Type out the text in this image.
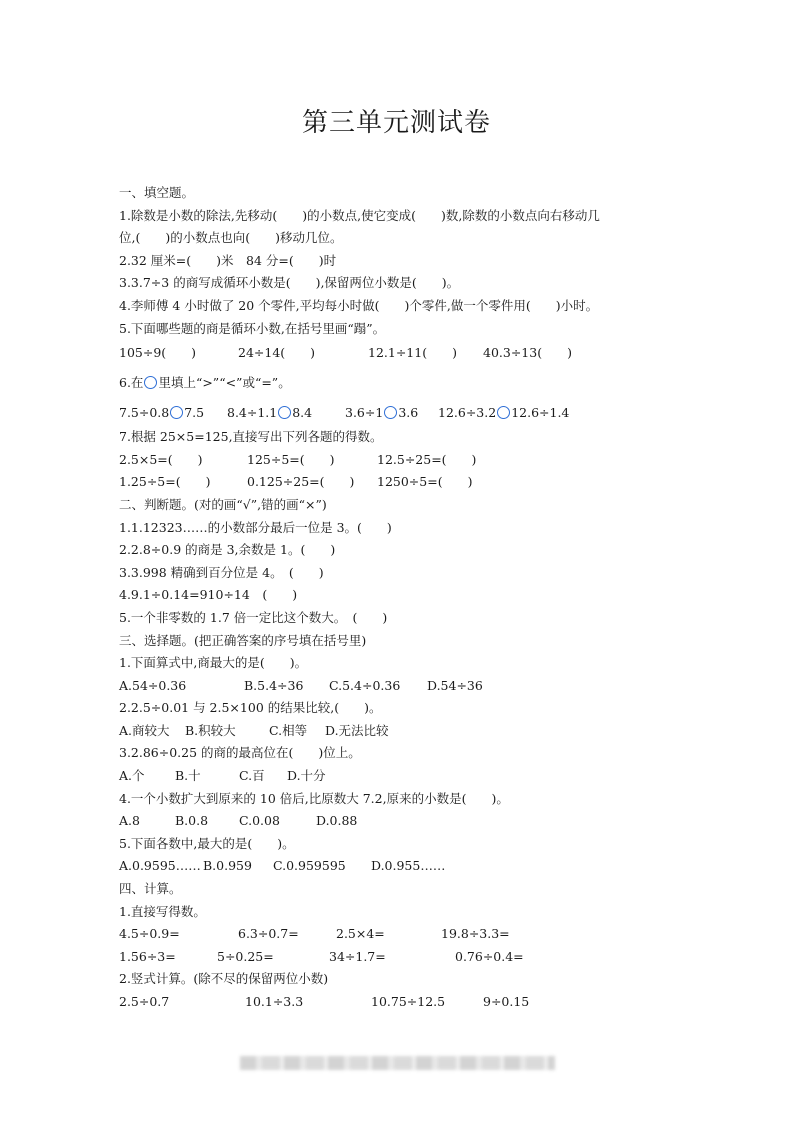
第三单元测试卷
一、填空题。
1.除数是小数的除法,先移动(　　)的小数点,使它变成(　　)数,除数的小数点向右移动几
位,(　　)的小数点也向(　　)移动几位。
2.32 厘米=(　　)米　84 分=(　　)时
3.3.7÷3 的商写成循环小数是(　　),保留两位小数是(　　)。
4.李师傅 4 小时做了 20 个零件,平均每小时做(　　)个零件,做一个零件用(　　)小时。
5.下面哪些题的商是循环小数,在括号里画“蹋”。
105÷9(　　)	24÷14(　　)	12.1÷11(　　) 40.3÷13(　　)
6.在 里填上“>”“<”或“=”。
7.5÷0.8 7.5 8.4÷1.1 8.4	3.6÷1 3.6 12.6÷3.2 12.6÷1.4
7.根据 25×5=125,直接写出下列各题的得数。
2.5×5=(　　)	125÷5=(　　)	12.5÷25=(　　)
1.25÷5=(　　)	0.125÷25=(　　) 1250÷5=(　　)
二、判断题。(对的画“√”,错的画“×”)
1.1.12323……的小数部分最后一位是 3。(　　)
2.2.8÷0.9 的商是 3,余数是 1。(　　)
3.3.998 精确到百分位是 4。　(　　)
4.9.1÷0.14=910÷14　(　　)
5.一个非零数的 1.7 倍一定比这个数大。　(　　)
三、选择题。(把正确答案的序号填在括号里)
1.下面算式中,商最大的是(　　)。
A.54÷0.36	B.5.4÷36 C.5.4÷0.36 D.54÷36
2.2.5÷0.01 与 2.5×100 的结果比较,(　　)。
A.商较大 B.积较大	C.相等 D.无法比较
3.2.86÷0.25 的商的最高位在(　　)位上。
A.个 B.十	C.百 D.十分
4.一个小数扩大到原来的 10 倍后,比原数大 7.2,原来的小数是(　　)。
A.8	B.0.8 C.0.08	D.0.88
5.下面各数中,最大的是(　　)。
A.0.9595…… B.0.959 C.0.959595 D.0.955……
四、计算。
1.直接写得数。
4.5÷0.9=	6.3÷0.7=	2.5×4=	19.8÷3.3=
1.56÷3=	5÷0.25=	34÷1.7=	0.76÷0.4=
2.竖式计算。(除不尽的保留两位小数)
2.5÷0.7	10.1÷3.3	10.75÷12.5	9÷0.15
